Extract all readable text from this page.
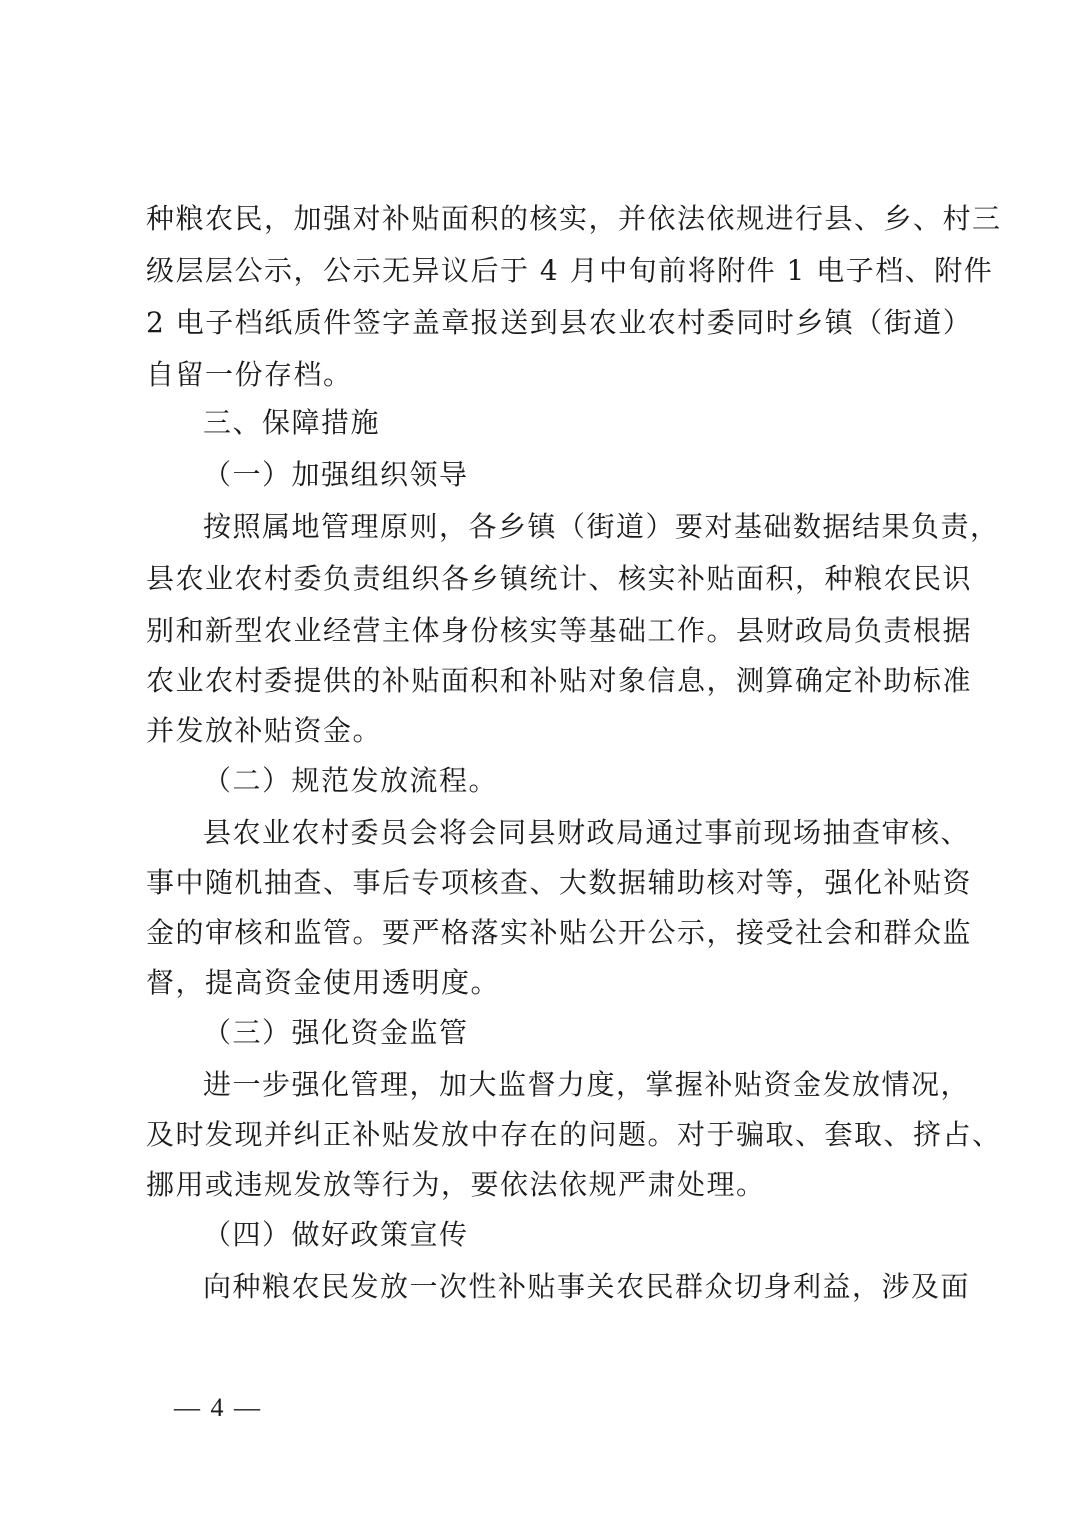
种粮农民，加强对补贴面积的核实，并依法依规进行县、乡、村三
级层层公示，公示无异议后于 4 月中旬前将附件 1 电子档、附件
2 电子档纸质件签字盖章报送到县农业农村委同时乡镇（街道）
自留一份存档。
三、保障措施
（一）加强组织领导
按照属地管理原则，各乡镇（街道）要对基础数据结果负责，
县农业农村委负责组织各乡镇统计、核实补贴面积，种粮农民识
别和新型农业经营主体身份核实等基础工作。县财政局负责根据
农业农村委提供的补贴面积和补贴对象信息，测算确定补助标准
并发放补贴资金。
（二）规范发放流程。
县农业农村委员会将会同县财政局通过事前现场抽查审核、
事中随机抽查、事后专项核查、大数据辅助核对等，强化补贴资
金的审核和监管。要严格落实补贴公开公示，接受社会和群众监
督，提高资金使用透明度。
（三）强化资金监管
进一步强化管理，加大监督力度，掌握补贴资金发放情况，
及时发现并纠正补贴发放中存在的问题。对于骗取、套取、挤占、
挪用或违规发放等行为，要依法依规严肃处理。
（四）做好政策宣传
向种粮农民发放一次性补贴事关农民群众切身利益，涉及面
— 4 —
